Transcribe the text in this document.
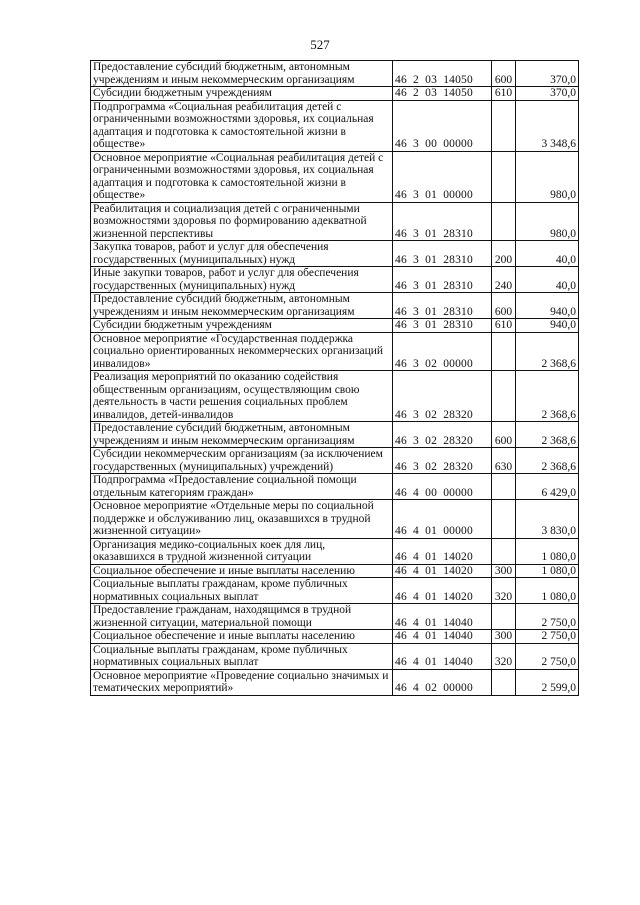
527
Предоставление субсидий бюджетным, автономным учреждениям и иным некоммерческим организациям	46  2  03  14050	600	370,0
Субсидии бюджетным учреждениям	46  2  03  14050	610	370,0
Подпрограмма «Социальная реабилитация детей с ограниченными возможностями здоровья, их социальная адаптация и подготовка к самостоятельной жизни в обществе»	46  3  00  00000		3 348,6
Основное мероприятие «Социальная реабилитация детей с ограниченными возможностями здоровья, их социальная адаптация и подготовка к самостоятельной жизни в обществе»	46  3  01  00000		980,0
Реабилитация и социализация детей с ограниченными возможностями здоровья по формированию адекватной жизненной перспективы	46  3  01  28310		980,0
Закупка товаров, работ и услуг для обеспечения государственных (муниципальных) нужд	46  3  01  28310	200	40,0
Иные закупки товаров, работ и услуг для обеспечения государственных (муниципальных) нужд	46  3  01  28310	240	40,0
Предоставление субсидий бюджетным, автономным учреждениям и иным некоммерческим организациям	46  3  01  28310	600	940,0
Субсидии бюджетным учреждениям	46  3  01  28310	610	940,0
Основное мероприятие «Государственная поддержка социально ориентированных некоммерческих организаций инвалидов»	46  3  02  00000		2 368,6
Реализация мероприятий по оказанию содействия общественным организациям, осуществляющим свою деятельность в части решения социальных проблем инвалидов, детей-инвалидов	46  3  02  28320		2 368,6
Предоставление субсидий бюджетным, автономным учреждениям и иным некоммерческим организациям	46  3  02  28320	600	2 368,6
Субсидии некоммерческим организациям (за исключением государственных (муниципальных) учреждений)	46  3  02  28320	630	2 368,6
Подпрограмма «Предоставление социальной помощи отдельным категориям граждан»	46  4  00  00000		6 429,0
Основное мероприятие «Отдельные меры по социальной поддержке и обслуживанию лиц, оказавшихся в трудной жизненной ситуации»	46  4  01  00000		3 830,0
Организация медико-социальных коек для лиц, оказавшихся в трудной жизненной ситуации	46  4  01  14020		1 080,0
Социальное обеспечение и иные выплаты населению	46  4  01  14020	300	1 080,0
Социальные выплаты гражданам, кроме публичных нормативных социальных выплат	46  4  01  14020	320	1 080,0
Предоставление гражданам, находящимся в трудной жизненной ситуации, материальной помощи	46  4  01  14040		2 750,0
Социальное обеспечение и иные выплаты населению	46  4  01  14040	300	2 750,0
Социальные выплаты гражданам, кроме публичных нормативных социальных выплат	46  4  01  14040	320	2 750,0
Основное мероприятие «Проведение социально значимых и тематических мероприятий»	46  4  02  00000		2 599,0
